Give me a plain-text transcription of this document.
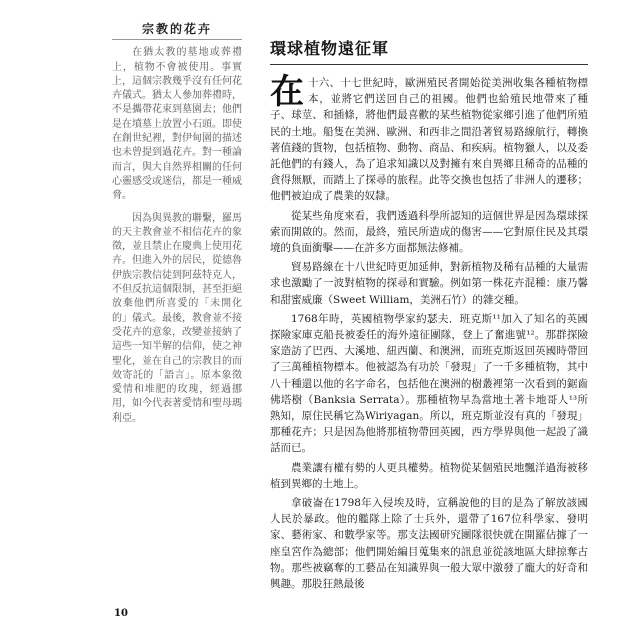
宗教的花卉

在猶太教的墓地或葬禮上，植物不會被使用。事實上，這個宗教幾乎沒有任何花卉儀式。猶太人參加葬禮時，不是攜帶花束到墓園去；他們是在墳墓上放置小石頭。即使在創世紀裡，對伊甸園的描述也未曾提到過花卉。對一種論而言，與大自然界相關的任何心靈感受或迷信，都是一種威脅。

因為與異教的聯繫，羅馬的天主教會並不相信花卉的象徵，並且禁止在慶典上使用花卉。但進入外的居民，從德魯伊族宗教信徒到阿茲特克人，不但反抗這個限制，甚至拒絕放棄他們所喜愛的「未開化的」儀式。最後，教會並不接受花卉的意象，改變並接納了這些一知半解的信仰，使之神聖化，並在自己的宗教目的而效寄託的「語言」。原本象徵愛情和堆肥的玫瑰，經過挪用，如今代表著愛情和聖母瑪利亞。

環球植物遠征軍

在十六、十七世紀時，歐洲殖民者開始從美洲收集各種植物標本，並將它們送回自己的祖國。他們也給殖民地帶來了種子、球莖、和插條，將他們最喜歡的某些植物從家鄉引進了他們所殖民的土地。船隻在美洲、歐洲、和西非之間沿著貿易路線航行，轉換著值錢的貨物，包括植物、動物、商品、和疾病。植物獵人，以及委託他們的有錢人，為了追求知識以及對擁有來自異鄉且稀奇的品種的貪得無厭，而踏上了探尋的旅程。此等交換也包括了非洲人的遷移；他們被迫成了農業的奴隸。

從某些角度來看，我們透過科學所認知的這個世界是因為環球探索而開啟的。然而，最終，殖民所造成的傷害——它對原住民及其環境的負面衝擊——在許多方面都無法修補。

貿易路線在十八世紀時更加延伸，對新植物及稀有品種的大量需求也激勵了一波對植物的探尋和實驗。例如第一株花卉混種：康乃馨和甜蜜威廉（Sweet William，美洲石竹）的雜交種。

1768年時，英國植物學家約瑟夫．班克斯¹¹加入了知名的英國探險家庫克船長被委任的海外遠征團隊，登上了奮進號¹²。那群探險家造訪了巴西、大溪地、紐西蘭、和澳洲，而班克斯返回英國時帶回了三萬種植物標本。他被認為有功於「發現」了一千多種植物，其中八十種還以他的名字命名，包括他在澳洲的樹叢裡第一次看到的鋸齒佛塔樹（Banksia Serrata）。那種植物早為當地土著卡地哥人¹³所熟知，原住民稱它為Wiriyagan。所以，班克斯並沒有真的「發現」那種花卉；只是因為他將那植物帶回英國，西方學界與他一起設了識話而已。

農業讓有權有勢的人更具權勢。植物從某個殖民地飄洋過海被移植到異鄉的土地上。

拿破崙在1798年入侵埃及時，宣稱說他的目的是為了解放該國人民於暴政。他的艦隊上除了士兵外，還帶了167位科學家、發明家、藝術家、和數學家等。那支法國研究團隊很快就在開羅佔據了一座皇宮作為總部；他們開始編目蒐集來的訊息並從該地區大肆掠奪古物。那些被竊奪的工藝品在知識界與一般大眾中激發了龐大的好奇和興趣。那股狂熱最後

10
